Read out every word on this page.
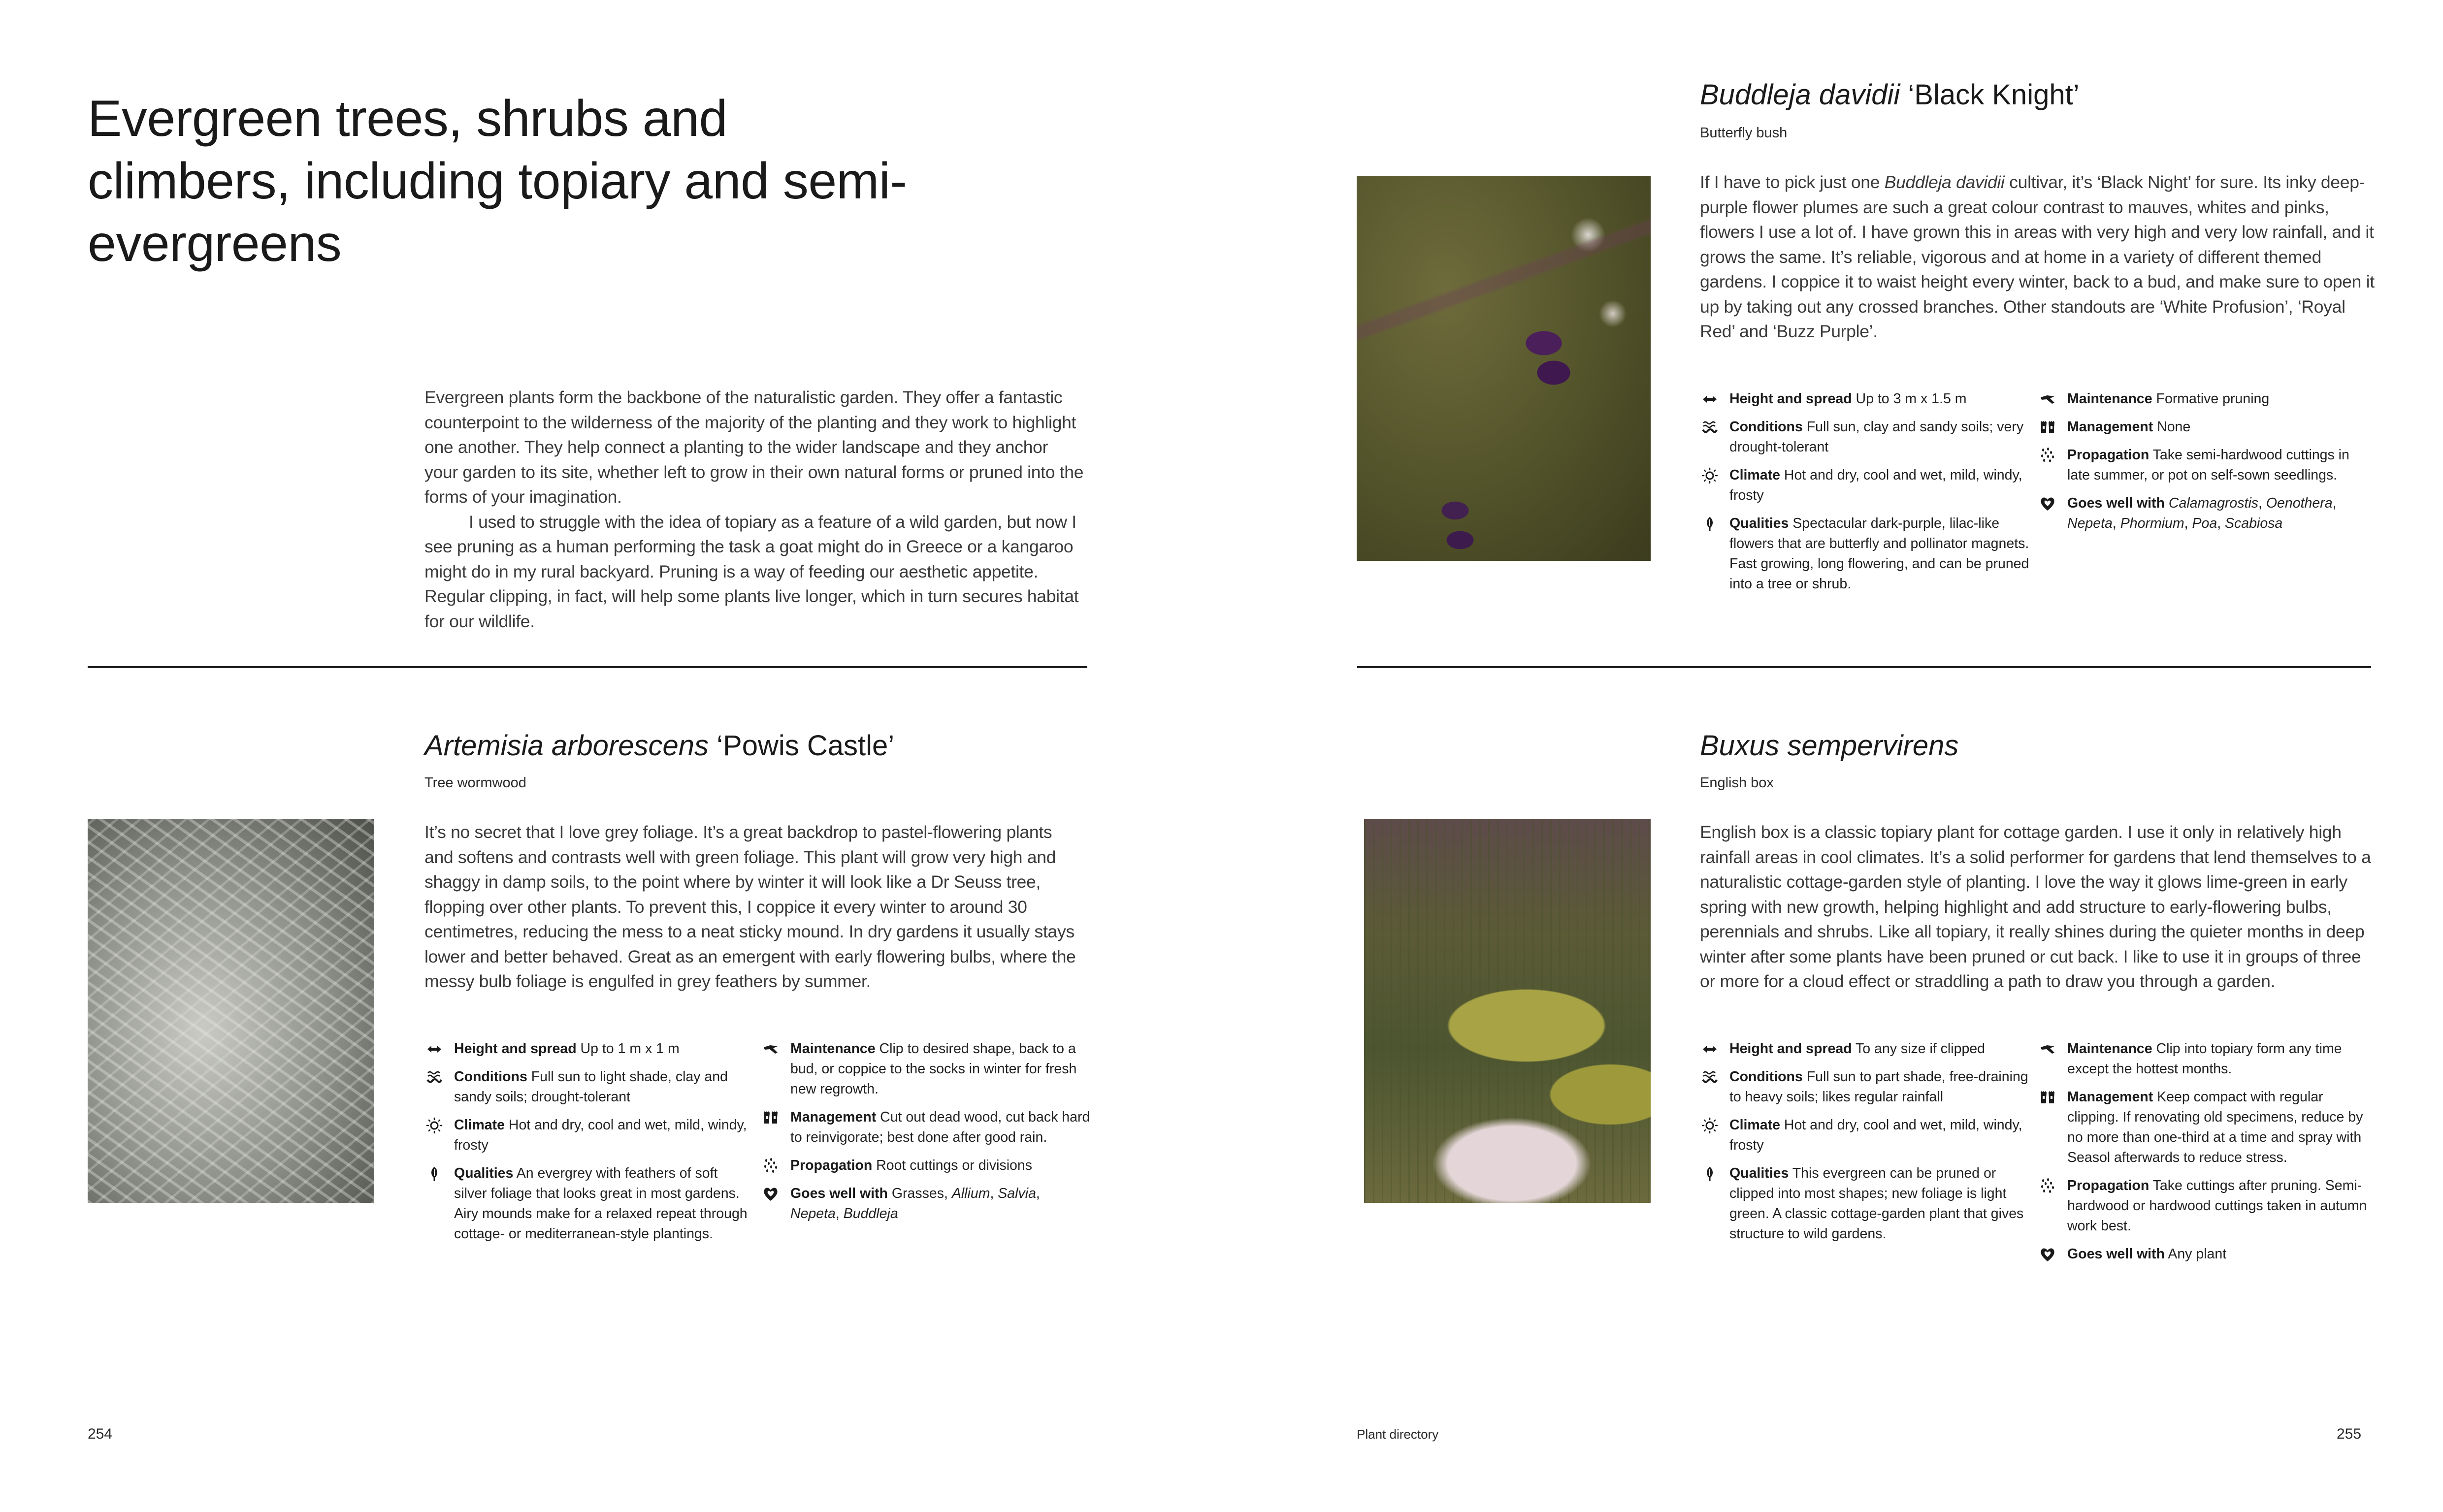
Evergreen trees, shrubs and climbers, including topiary and semi-evergreens

Evergreen plants form the backbone of the naturalistic garden. They offer a fantastic counterpoint to the wilderness of the majority of the planting and they work to highlight one another. They help connect a planting to the wider landscape and they anchor your garden to its site, whether left to grow in their own natural forms or pruned into the forms of your imagination.

I used to struggle with the idea of topiary as a feature of a wild garden, but now I see pruning as a human performing the task a goat might do in Greece or a kangaroo might do in my rural backyard. Pruning is a way of feeding our aesthetic appetite. Regular clipping, in fact, will help some plants live longer, which in turn secures habitat for our wildlife.

Artemisia arborescens ‘Powis Castle’
Tree wormwood

It’s no secret that I love grey foliage. It’s a great backdrop to pastel-flowering plants and softens and contrasts well with green foliage. This plant will grow very high and shaggy in damp soils, to the point where by winter it will look like a Dr Seuss tree, flopping over other plants. To prevent this, I coppice it every winter to around 30 centimetres, reducing the mess to a neat sticky mound. In dry gardens it usually stays lower and better behaved. Great as an emergent with early flowering bulbs, where the messy bulb foliage is engulfed in grey feathers by summer.

Height and spread Up to 1 m x 1 m
Conditions Full sun to light shade, clay and sandy soils; drought-tolerant
Climate Hot and dry, cool and wet, mild, windy, frosty
Qualities An evergrey with feathers of soft silver foliage that looks great in most gardens. Airy mounds make for a relaxed repeat through cottage- or mediterranean-style plantings.
Maintenance Clip to desired shape, back to a bud, or coppice to the socks in winter for fresh new regrowth.
Management Cut out dead wood, cut back hard to reinvigorate; best done after good rain.
Propagation Root cuttings or divisions
Goes well with Grasses, Allium, Salvia, Nepeta, Buddleja
254
Buddleja davidii ‘Black Knight’
Butterfly bush

If I have to pick just one Buddleja davidii cultivar, it’s ‘Black Night’ for sure. Its inky deep-purple flower plumes are such a great colour contrast to mauves, whites and pinks, flowers I use a lot of. I have grown this in areas with very high and very low rainfall, and it grows the same. It’s reliable, vigorous and at home in a variety of different themed gardens. I coppice it to waist height every winter, back to a bud, and make sure to open it up by taking out any crossed branches. Other standouts are ‘White Profusion’, ‘Royal Red’ and ‘Buzz Purple’.

Height and spread Up to 3 m x 1.5 m
Conditions Full sun, clay and sandy soils; very drought-tolerant
Climate Hot and dry, cool and wet, mild, windy, frosty
Qualities Spectacular dark-purple, lilac-like flowers that are butterfly and pollinator magnets. Fast growing, long flowering, and can be pruned into a tree or shrub.
Maintenance Formative pruning
Management None
Propagation Take semi-hardwood cuttings in late summer, or pot on self-sown seedlings.
Goes well with Calamagrostis, Oenothera, Nepeta, Phormium, Poa, Scabiosa
Buxus sempervirens
English box

English box is a classic topiary plant for cottage garden. I use it only in relatively high rainfall areas in cool climates. It’s a solid performer for gardens that lend themselves to a naturalistic cottage-garden style of planting. I love the way it glows lime-green in early spring with new growth, helping highlight and add structure to early-flowering bulbs, perennials and shrubs. Like all topiary, it really shines during the quieter months in deep winter after some plants have been pruned or cut back. I like to use it in groups of three or more for a cloud effect or straddling a path to draw you through a garden.

Height and spread To any size if clipped
Conditions Full sun to part shade, free-draining to heavy soils; likes regular rainfall
Climate Hot and dry, cool and wet, mild, windy, frosty
Qualities This evergreen can be pruned or clipped into most shapes; new foliage is light green. A classic cottage-garden plant that gives structure to wild gardens.
Maintenance Clip into topiary form any time except the hottest months.
Management Keep compact with regular clipping. If renovating old specimens, reduce by no more than one-third at a time and spray with Seasol afterwards to reduce stress.
Propagation Take cuttings after pruning. Semi-hardwood or hardwood cuttings taken in autumn work best.
Goes well with Any plant
Plant directory	255
